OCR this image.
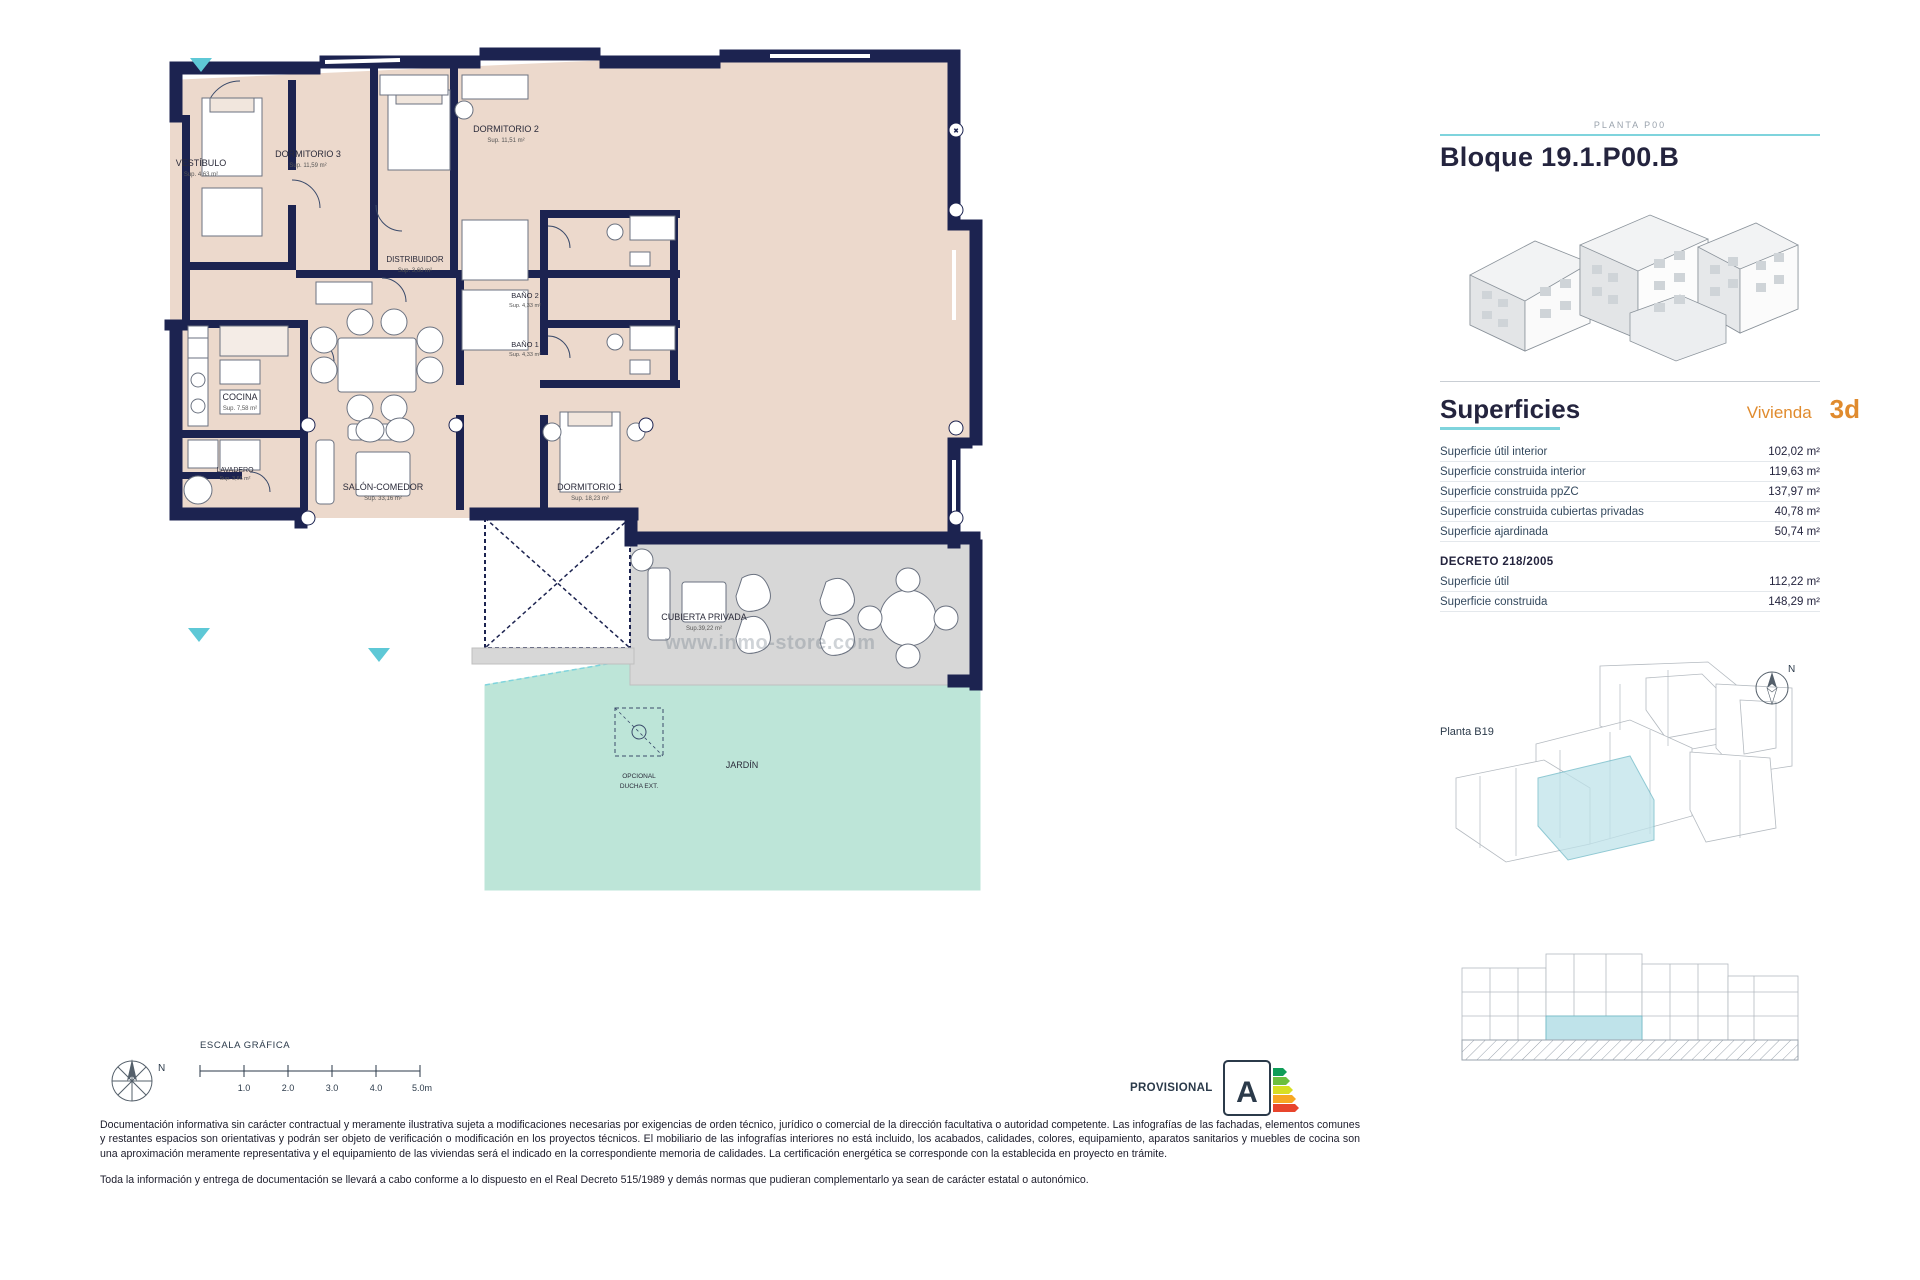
×
VESTÍBULO
Sup. 4,63 m²
DORMITORIO 3
Sup. 11,59 m²
DORMITORIO 2
Sup. 11,51 m²
DISTRIBUIDOR
Sup. 3,60 m²
BAÑO 2
Sup. 4,33 m²
BAÑO 1
Sup. 4,33 m²
COCINA
Sup. 7,58 m²
LAVADERO
Sup. 3,66 m²
SALÓN-COMEDOR
Sup. 33,16 m²
DORMITORIO 1
Sup. 18,23 m²
CUBIERTA PRIVADA
Sup.39,22 m²
JARDÍN
OPCIONAL
DUCHA EXT.
www.inmo-store.com
PLANTA P00
Bloque 19.1.P00.B
Superficies	Vivienda 3d
Superficie útil interior	102,02 m²
Superficie construida interior	119,63 m²
Superficie construida ppZC	137,97 m²
Superficie construida cubiertas privadas	40,78 m²
Superficie ajardinada	50,74 m²
DECRETO 218/2005
Superficie útil	112,22 m²
Superficie construida	148,29 m²
Planta B19
N
ESCALA GRÁFICA
N
1.0	2.0	3.0	4.0	5.0m	PROVISIONAL A

Documentación informativa sin carácter contractual y meramente ilustrativa sujeta a modificaciones necesarias por exigencias de orden técnico, jurídico o comercial de la dirección facultativa o autoridad competente. Las infografías de las fachadas, elementos comunes y restantes espacios son orientativas y podrán ser objeto de verificación o modificación en los proyectos técnicos. El mobiliario de las infografías interiores no está incluido, los acabados, calidades, colores, equipamiento, aparatos sanitarios y muebles de cocina son una aproximación meramente representativa y el equipamiento de las viviendas será el indicado en la correspondiente memoria de calidades. La certificación energética se corresponde con la establecida en proyecto en trámite.

Toda la información y entrega de documentación se llevará a cabo conforme a lo dispuesto en el Real Decreto 515/1989 y demás normas que pudieran complementarlo ya sean de carácter estatal o autonómico.
